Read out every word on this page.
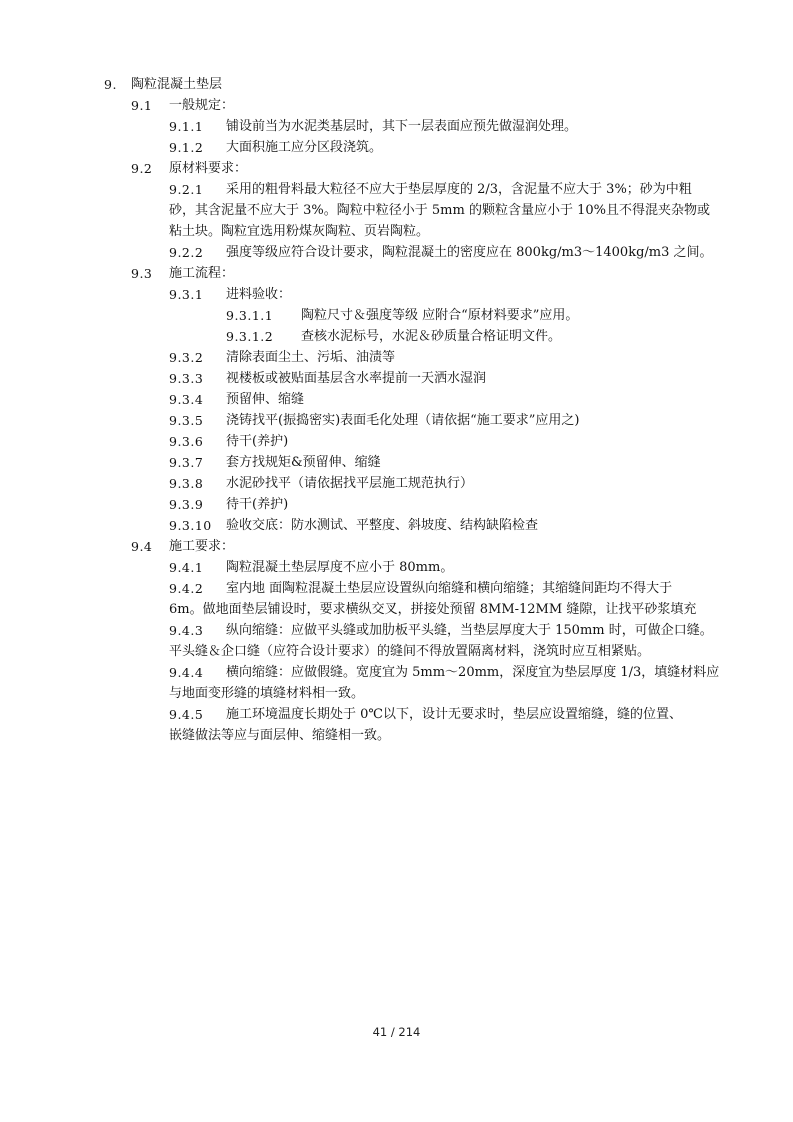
9. 陶粒混凝土垫层
9.1 一般规定：
9.1.1 铺设前当为水泥类基层时，其下一层表面应预先做湿润处理。
9.1.2 大面积施工应分区段浇筑。
9.2 原材料要求：
9.2.1 采用的粗骨料最大粒径不应大于垫层厚度的 2/3，含泥量不应大于 3%；砂为中粗
砂，其含泥量不应大于 3%。陶粒中粒径小于 5mm 的颗粒含量应小于 10%且不得混夹杂物或
粘土块。陶粒宜选用粉煤灰陶粒、页岩陶粒。
9.2.2 强度等级应符合设计要求，陶粒混凝土的密度应在 800kg/m3～1400kg/m3 之间。
9.3 施工流程：
9.3.1 进料验收：
9.3.1.1 陶粒尺寸＆强度等级 应附合“原材料要求”应用。
9.3.1.2 查核水泥标号，水泥＆砂质量合格证明文件。
9.3.2 清除表面尘土、污垢、油渍等
9.3.3 视楼板或被贴面基层含水率提前一天洒水湿润
9.3.4 预留伸、缩缝
9.3.5 浇铸找平(振捣密实)表面毛化处理（请依据“施工要求”应用之)
9.3.6 待干(养护)
9.3.7 套方找规矩&预留伸、缩缝
9.3.8 水泥砂找平（请依据找平层施工规范执行）
9.3.9 待干(养护)
9.3.10 验收交底：防水测试、平整度、斜坡度、结构缺陷检查
9.4 施工要求：
9.4.1 陶粒混凝土垫层厚度不应小于 80mm。
9.4.2 室内地 面陶粒混凝土垫层应设置纵向缩缝和横向缩缝；其缩缝间距均不得大于
6m。做地面垫层铺设时，要求横纵交叉，拼接处预留 8MM-12MM 缝隙，让找平砂浆填充
9.4.3 纵向缩缝：应做平头缝或加肋板平头缝，当垫层厚度大于 150mm 时，可做企口缝。
平头缝＆企口缝（应符合设计要求）的缝间不得放置隔离材料，浇筑时应互相紧贴。
9.4.4 横向缩缝：应做假缝。宽度宜为 5mm～20mm，深度宜为垫层厚度 1/3，填缝材料应
与地面变形缝的填缝材料相一致。
9.4.5 施工环境温度长期处于 0℃以下，设计无要求时，垫层应设置缩缝，缝的位置、
嵌缝做法等应与面层伸、缩缝相一致。
41 / 214
